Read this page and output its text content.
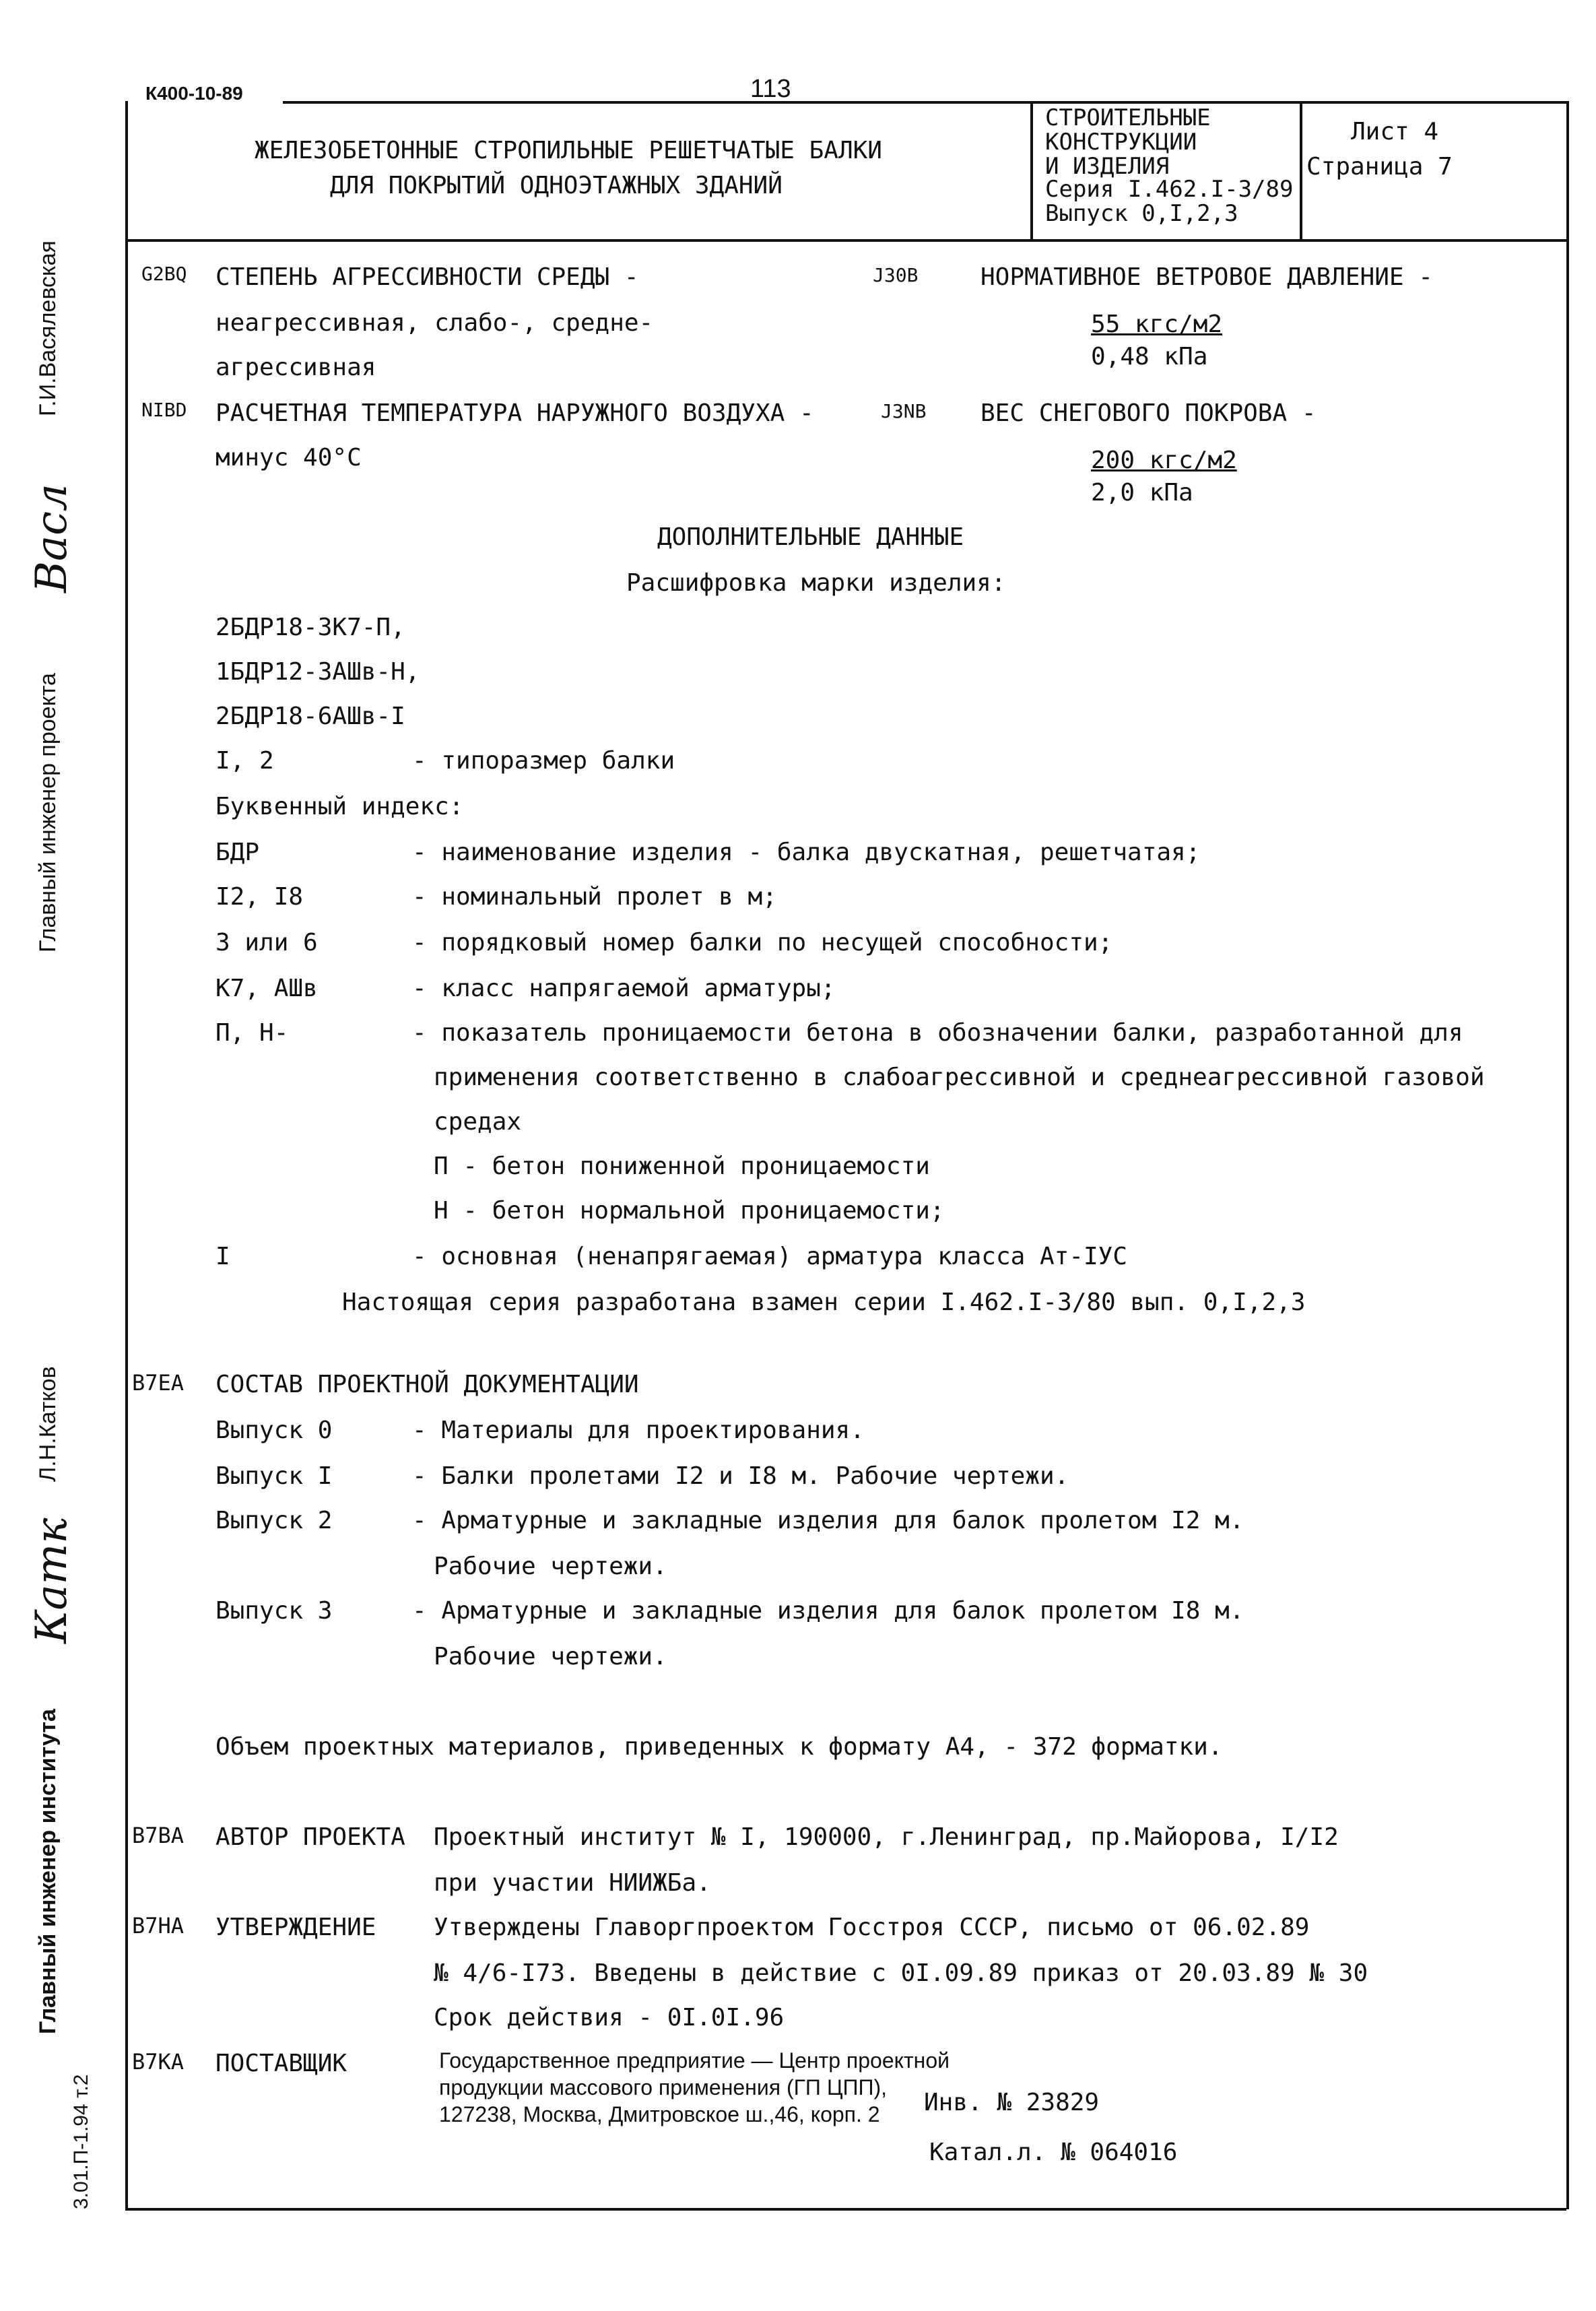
К400-10-89	113
ЖЕЛЕЗОБЕТОННЫЕ СТРОПИЛЬНЫЕ РЕШЕТЧАТЫЕ БАЛКИ
ДЛЯ ПОКРЫТИЙ ОДНОЭТАЖНЫХ ЗДАНИЙ
СТРОИТЕЛЬНЫЕ
КОНСТРУКЦИИ
И ИЗДЕЛИЯ
Серия I.462.I-3/89
Выпуск 0,I,2,3
Лист 4
Страница 7
Г.И.Васялевская
Васл
Главный инженер проекта
Л.Н.Катков
Катк
Главный инженер института
3.01.П-1.94 т.2
G2BQ СТЕПЕНЬ АГРЕССИВНОСТИ СРЕДЫ -
неагрессивная, слабо-, средне-
агрессивная
NIBD РАСЧЕТНАЯ ТЕМПЕРАТУРА НАРУЖНОГО ВОЗДУХА -
минус 40°С
J30B	НОРМАТИВНОЕ ВЕТРОВОЕ ДАВЛЕНИЕ -
55 кгс/м2
0,48 кПа
J3NB ВЕС СНЕГОВОГО ПОКРОВА -
200 кгс/м2
2,0 кПа
ДОПОЛНИТЕЛЬНЫЕ ДАННЫЕ
Расшифровка марки изделия:
2БДР18-3К7-П,
1БДР12-3АШв-Н,
2БДР18-6АШв-I
I, 2	- типоразмер балки
Буквенный индекс:
БДР	- наименование изделия - балка двускатная, решетчатая;
I2, I8	- номинальный пролет в м;
3 или 6	- порядковый номер балки по несущей способности;
К7, АШв	- класс напрягаемой арматуры;
П, Н-	- показатель проницаемости бетона в обозначении балки, разработанной для
применения соответственно в слабоагрессивной и среднеагрессивной газовой
средах
П - бетон пониженной проницаемости
Н - бетон нормальной проницаемости;
I	- основная (ненапрягаемая) арматура класса Ат-IУС
Настоящая серия разработана взамен серии I.462.I-3/80 вып. 0,I,2,3
B7EA СОСТАВ ПРОЕКТНОЙ ДОКУМЕНТАЦИИ
Выпуск 0	- Материалы для проектирования.
Выпуск I	- Балки пролетами I2 и I8 м. Рабочие чертежи.
Выпуск 2	- Арматурные и закладные изделия для балок пролетом I2 м.
Рабочие чертежи.
Выпуск 3	- Арматурные и закладные изделия для балок пролетом I8 м.
Рабочие чертежи.
Объем проектных материалов, приведенных к формату А4, - 372 форматки.
B7BA АВТОР ПРОЕКТА Проектный институт № I, 190000, г.Ленинград, пр.Майорова, I/I2
при участии НИИЖБа.
B7HA УТВЕРЖДЕНИЕ Утверждены Главоргпроектом Госстроя СССР, письмо от 06.02.89
№ 4/6-I73. Введены в действие с 0I.09.89 приказ от 20.03.89 № 30
Срок действия - 0I.0I.96
B7KA ПОСТАВЩИК	Государственное предприятие — Центр проектной
продукции массового применения (ГП ЦПП),
127238, Москва, Дмитровское ш.,46, корп. 2 Инв. № 23829
Катал.л. № 064016
